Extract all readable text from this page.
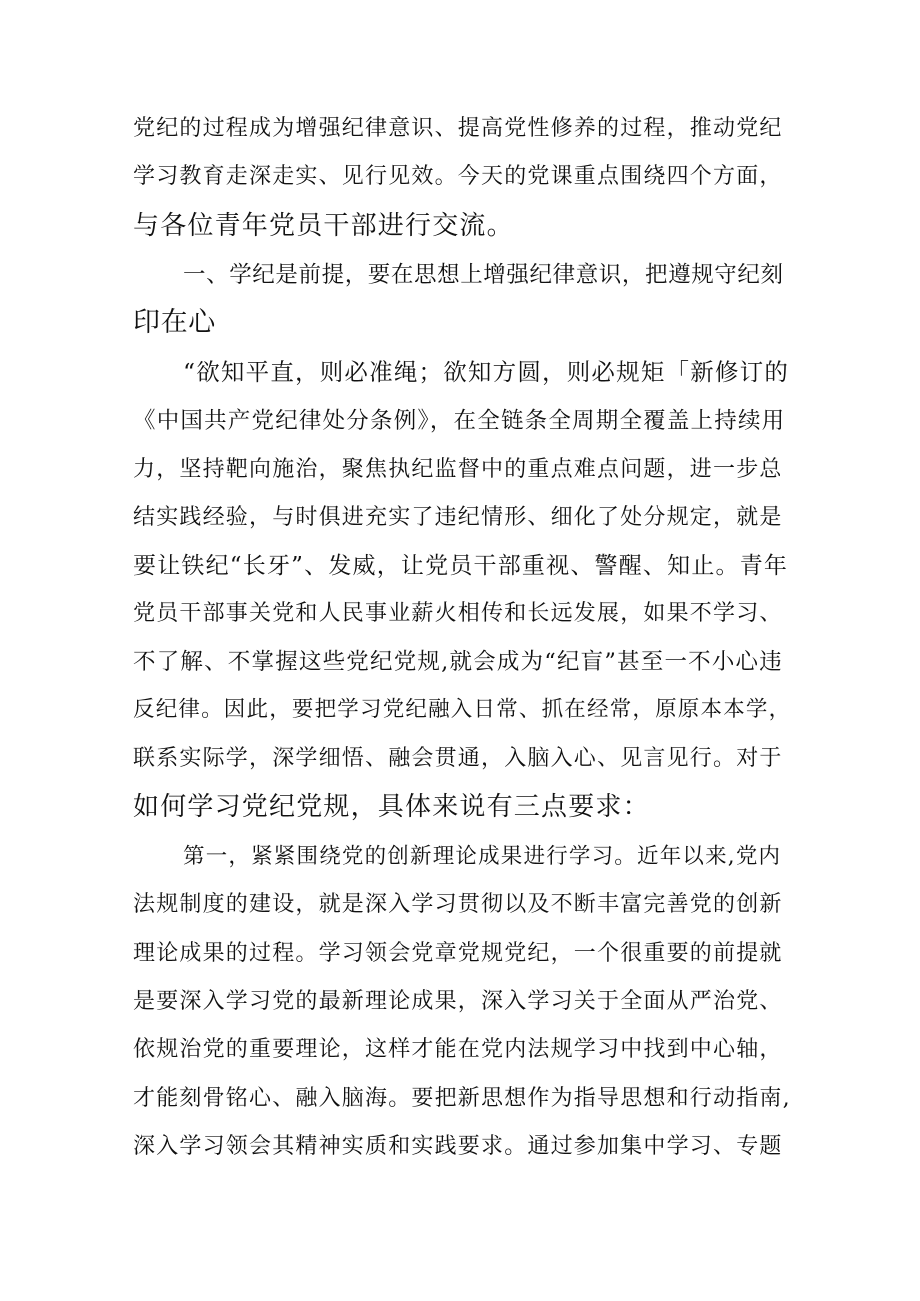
党纪的过程成为增强纪律意识、提高党性修养的过程，推动党纪

学习教育走深走实、见行见效。今天的党课重点围绕四个方面，

与各位青年党员干部进行交流。

一、学纪是前提，要在思想上增强纪律意识，把遵规守纪刻
印在心

“欲知平直，则必准绳；欲知方圆，则必规矩「新修订的

《中国共产党纪律处分条例》，在全链条全周期全覆盖上持续用

力，坚持靶向施治，聚焦执纪监督中的重点难点问题，进一步总

结实践经验，与时俱进充实了违纪情形、细化了处分规定，就是

要让铁纪“长牙”、发威，让党员干部重视、警醒、知止。青年

党员干部事关党和人民事业薪火相传和长远发展，如果不学习、

不了解、不掌握这些党纪党规,就会成为“纪盲”甚至一不小心违

反纪律。因此，要把学习党纪融入日常、抓在经常，原原本本学，

联系实际学，深学细悟、融会贯通，入脑入心、见言见行。对于

如何学习党纪党规，具体来说有三点要求：

第一，紧紧围绕党的创新理论成果进行学习。近年以来,党内

法规制度的建设，就是深入学习贯彻以及不断丰富完善党的创新

理论成果的过程。学习领会党章党规党纪，一个很重要的前提就

是要深入学习党的最新理论成果，深入学习关于全面从严治党、

依规治党的重要理论，这样才能在党内法规学习中找到中心轴，

才能刻骨铭心、融入脑海。要把新思想作为指导思想和行动指南,

深入学习领会其精神实质和实践要求。通过参加集中学习、专题
